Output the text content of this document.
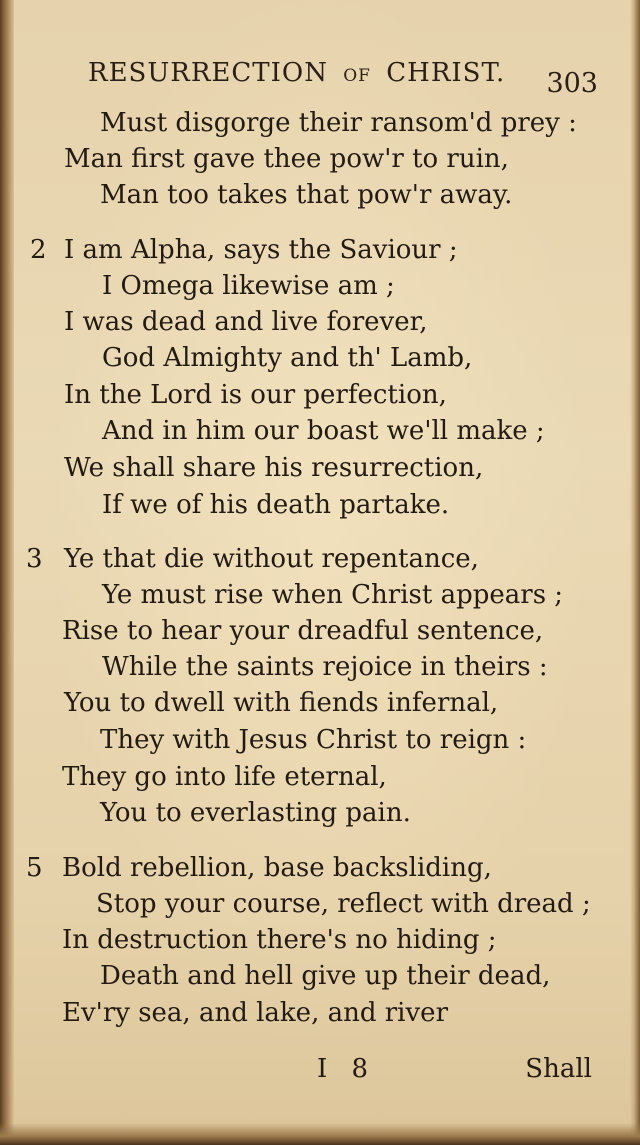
RESURRECTION OF CHRIST. 303
Must disgorge their ransom'd prey :
Man first gave thee pow'r to ruin,
Man too takes that pow'r away.
2 I am Alpha, says the Saviour ;
I Omega likewise am ;
I was dead and live forever,
God Almighty and th' Lamb,
In the Lord is our perfection,
And in him our boast we'll make ;
We shall share his resurrection,
If we of his death partake.
3 Ye that die without repentance,
Ye must rise when Christ appears ;
Rise to hear your dreadful sentence,
While the saints rejoice in theirs :
You to dwell with fiends infernal,
They with Jesus Christ to reign :
They go into life eternal,
You to everlasting pain.
5 Bold rebellion, base backsliding,
Stop your course, reflect with dread ;
In destruction there's no hiding ;
Death and hell give up their dead,
Ev'ry sea, and lake, and river
I 8	Shall
